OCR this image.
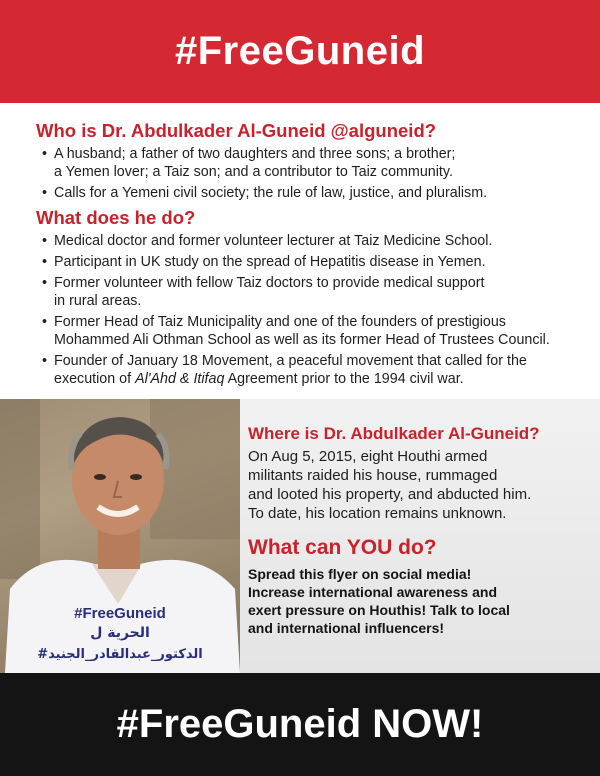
#FreeGuneid
Who is Dr. Abdulkader Al-Guneid @alguneid?
• A husband; a father of two daughters and three sons; a brother;
a Yemen lover; a Taiz son; and a contributor to Taiz community.
• Calls for a Yemeni civil society; the rule of law, justice, and pluralism.
What does he do?
• Medical doctor and former volunteer lecturer at Taiz Medicine School.
• Participant in UK study on the spread of Hepatitis disease in Yemen.
• Former volunteer with fellow Taiz doctors to provide medical support
in rural areas.
• Former Head of Taiz Municipality and one of the founders of prestigious
Mohammed Ali Othman School as well as its former Head of Trustees Council.
• Founder of January 18 Movement, a peaceful movement that called for the
execution of Al'Ahd & Itifaq Agreement prior to the 1994 civil war.
#FreeGuneid
الحرية ل
#الدكتور_عبدالقادر_الجنيد
Where is Dr. Abdulkader Al-Guneid?
On Aug 5, 2015, eight Houthi armed
militants raided his house, rummaged
and looted his property, and abducted him.
To date, his location remains unknown.
What can YOU do?
Spread this flyer on social media!
Increase international awareness and
exert pressure on Houthis! Talk to local
and international influencers!
#FreeGuneid NOW!
